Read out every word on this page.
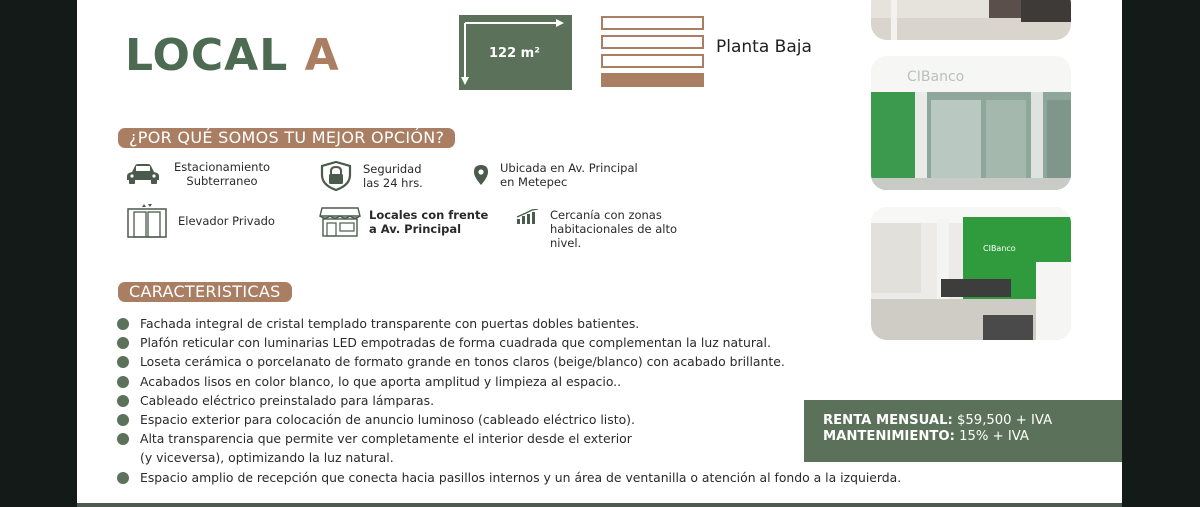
LOCAL A	122 m²	Planta Baja
¿POR QUÉ SOMOS TU MEJOR OPCIÓN?
Estacionamiento
Subterraneo
Seguridad
las 24 hrs.
Ubicada en Av. Principal
en Metepec
Elevador Privado	Locales con frente
a Av. Principal
Cercanía con zonas
habitacionales de alto
nivel.
CARACTERISTICAS
Fachada integral de cristal templado transparente con puertas dobles batientes.
Plafón reticular con luminarias LED empotradas de forma cuadrada que complementan la luz natural.
Loseta cerámica o porcelanato de formato grande en tonos claros (beige/blanco) con acabado brillante.
Acabados lisos en color blanco, lo que aporta amplitud y limpieza al espacio..
Cableado eléctrico preinstalado para lámparas.
Espacio exterior para colocación de anuncio luminoso (cableado eléctrico listo).
Alta transparencia que permite ver completamente el interior desde el exterior
(y viceversa), optimizando la luz natural.
Espacio amplio de recepción que conecta hacia pasillos internos y un área de ventanilla o atención al fondo a la izquierda.
CIBanco
CIBanco
RENTA MENSUAL: $59,500 + IVA
MANTENIMIENTO: 15% + IVA
